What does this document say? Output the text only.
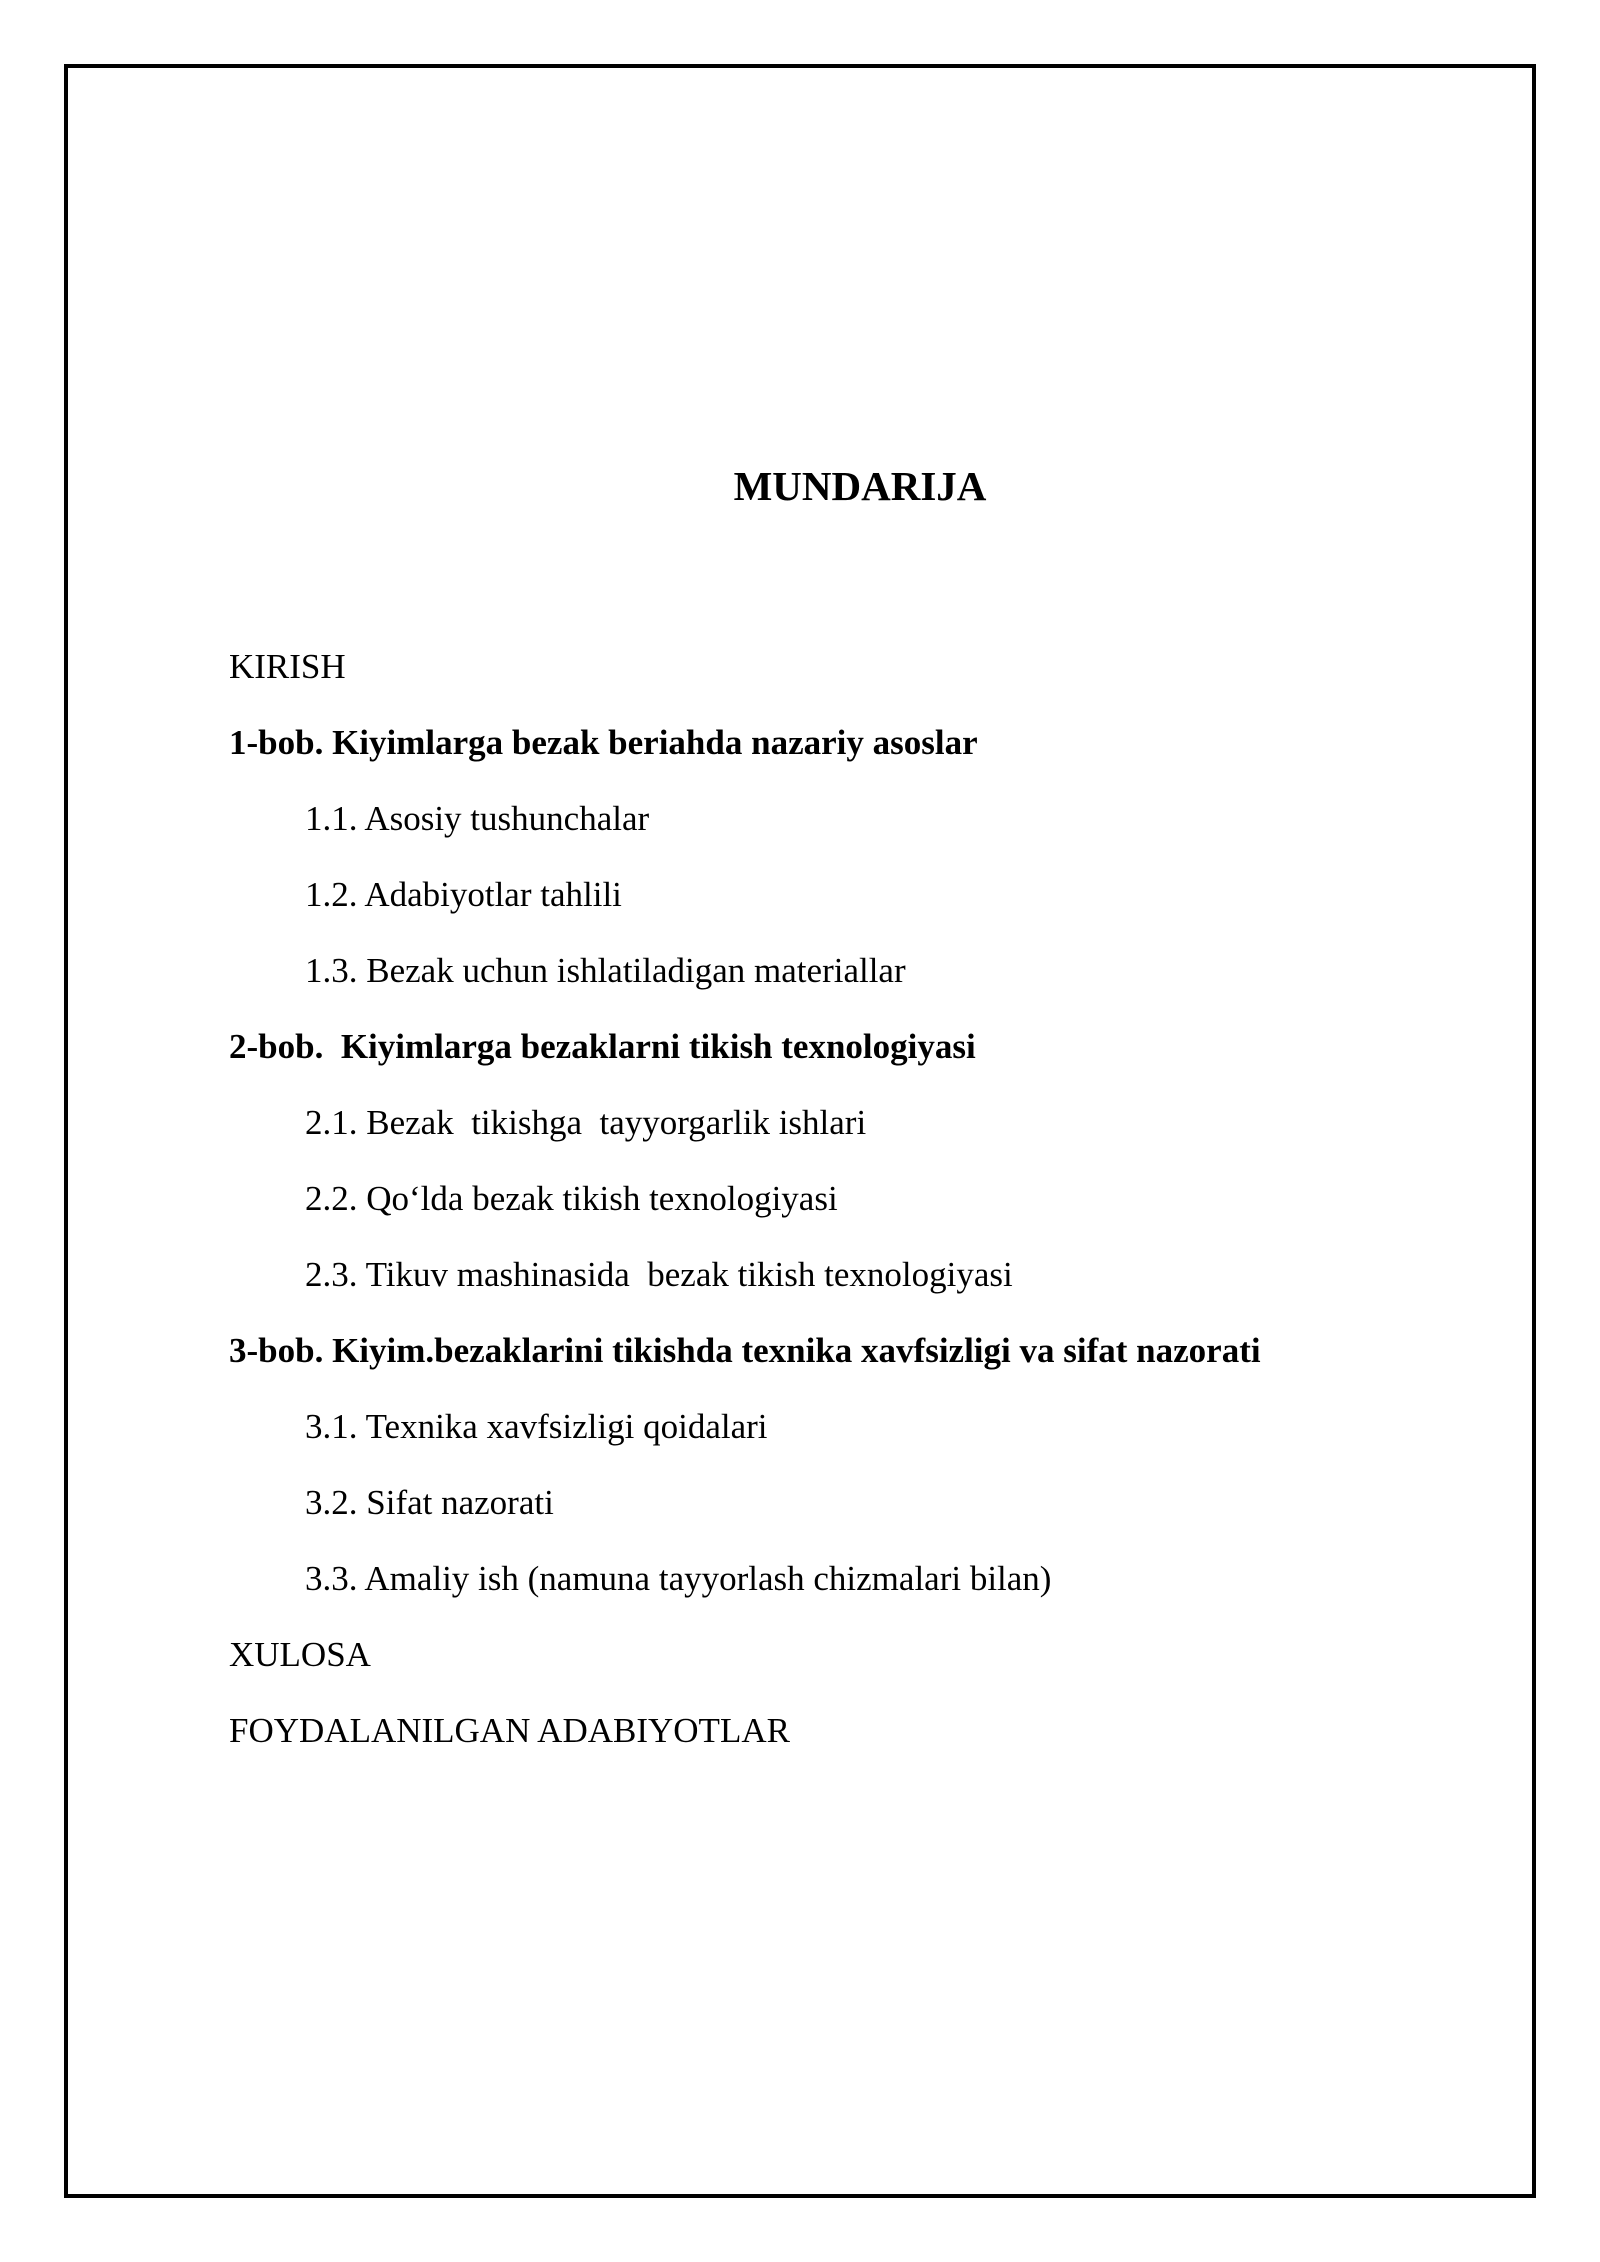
MUNDARIJA
KIRISH
1-bob. Kiyimlarga bezak beriahda nazariy asoslar
1.1. Asosiy tushunchalar
1.2. Adabiyotlar tahlili
1.3. Bezak uchun ishlatiladigan materiallar
2-bob.  Kiyimlarga bezaklarni tikish texnologiyasi
2.1. Bezak  tikishga  tayyorgarlik ishlari
2.2. Qo‘lda bezak tikish texnologiyasi
2.3. Tikuv mashinasida  bezak tikish texnologiyasi
3-bob. Kiyim.bezaklarini tikishda texnika xavfsizligi va sifat nazorati
3.1. Texnika xavfsizligi qoidalari
3.2. Sifat nazorati
3.3. Amaliy ish (namuna tayyorlash chizmalari bilan)
XULOSA
FOYDALANILGAN ADABIYOTLAR
